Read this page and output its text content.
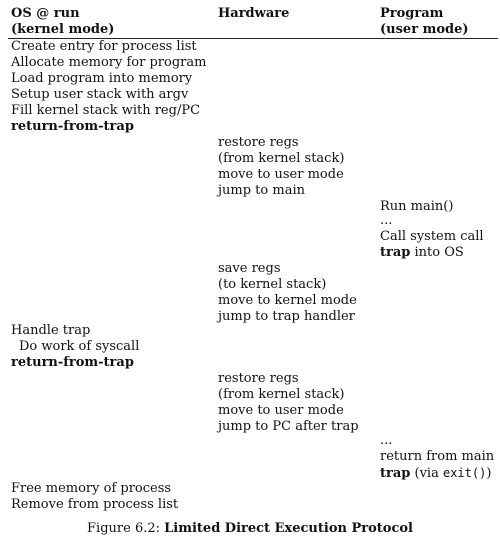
OS @ run
(kernel mode)
Hardware	Program
(user mode)
Create entry for process list
Allocate memory for program
Load program into memory
Setup user stack with argv
Fill kernel stack with reg/PC
return-from-trap
restore regs
(from kernel stack)
move to user mode
jump to main
Run main()
...
Call system call
trap into OS
save regs
(to kernel stack)
move to kernel mode
jump to trap handler
Handle trap
Do work of syscall
return-from-trap
restore regs
(from kernel stack)
move to user mode
jump to PC after trap
...
return from main
trap (via exit())
Free memory of process
Remove from process list
Figure 6.2: Limited Direct Execution Protocol
